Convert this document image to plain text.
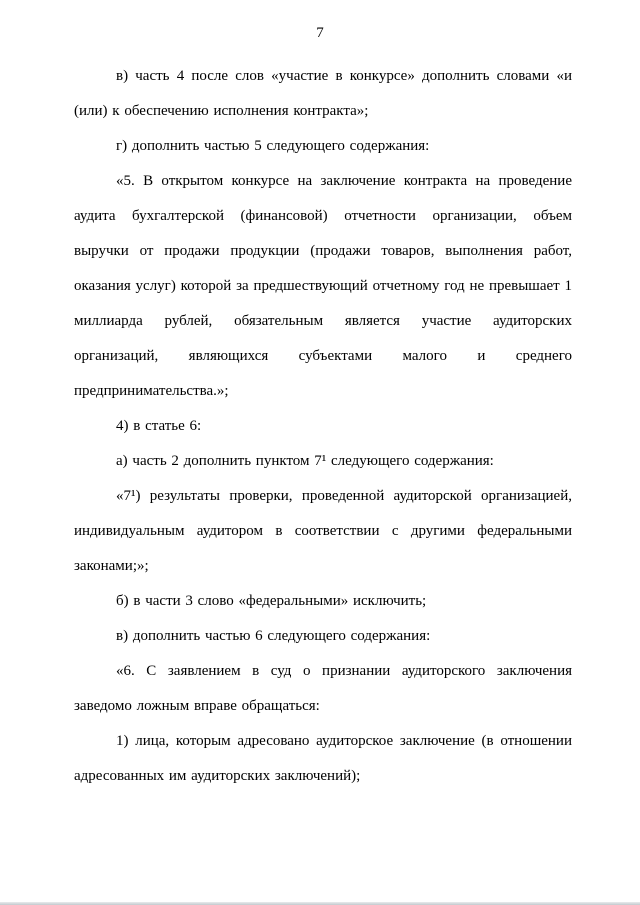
7

в) часть 4 после слов «участие в конкурсе» дополнить словами «и (или) к обеспечению исполнения контракта»;

г) дополнить частью 5 следующего содержания:

«5. В открытом конкурсе на заключение контракта на проведение аудита бухгалтерской (финансовой) отчетности организации, объем выручки от продажи продукции (продажи товаров, выполнения работ, оказания услуг) которой за предшествующий отчетному год не превышает 1 миллиарда рублей, обязательным является участие аудиторских организаций, являющихся субъектами малого и среднего предпринимательства.»;

4) в статье 6:

а) часть 2 дополнить пунктом 7¹ следующего содержания:

«7¹) результаты проверки, проведенной аудиторской организацией, индивидуальным аудитором в соответствии с другими федеральными законами;»;

б) в части 3 слово «федеральными» исключить;

в) дополнить частью 6 следующего содержания:

«6. С заявлением в суд о признании аудиторского заключения заведомо ложным вправе обращаться:

1) лица, которым адресовано аудиторское заключение (в отношении адресованных им аудиторских заключений);
